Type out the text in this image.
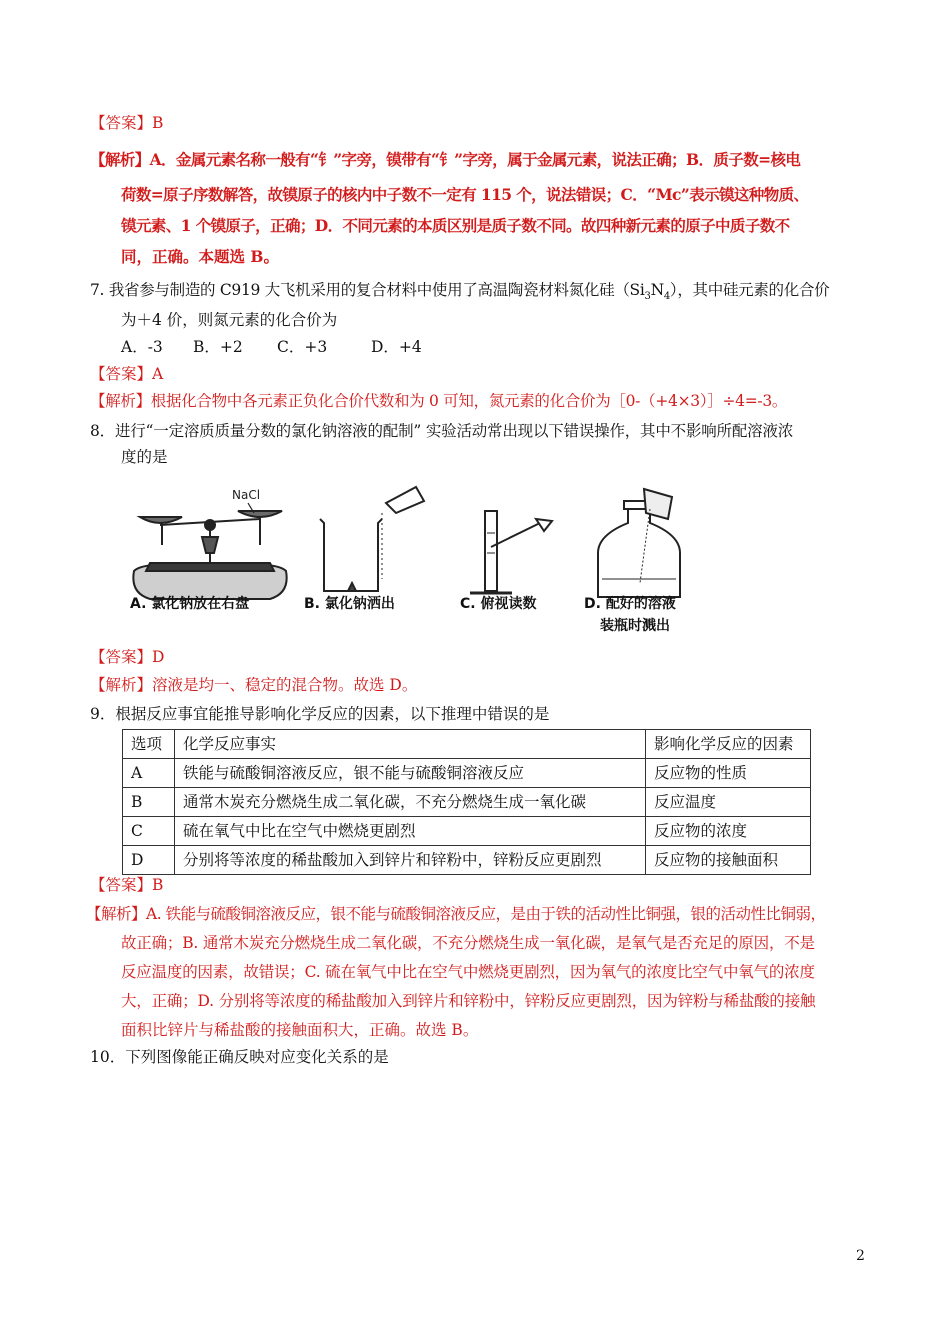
【答案】B
【解析】A．金属元素名称一般有“钅”字旁，镆带有“钅”字旁，属于金属元素，说法正确；B．质子数=核电
荷数=原子序数解答，故镆原子的核内中子数不一定有 115 个，说法错误；C．“Mc”表示镆这种物质、
镆元素、1 个镆原子，正确；D．不同元素的本质区别是质子数不同。故四种新元素的原子中质子数不
同，正确。本题选 B。
7. 我省参与制造的 C919 大飞机采用的复合材料中使用了高温陶瓷材料氮化硅$(Si_3N_4)$，其中硅元素的化合价
为＋4 价，则氮元素的化合价为
A．-3 B．+2 C．+3	D．+4
【答案】A
【解析】根据化合物中各元素正负化合价代数和为 0 可知，氮元素的化合价为［0-（+4×3）］÷4=-3。
8．进行“一定溶质质量分数的氯化钠溶液的配制” 实验活动常出现以下错误操作，其中不影响所配溶液浓
度的是
NaCl
A. 氯化钠放在右盘	B. 氯化钠洒出	C. 俯视读数	D. 配好的溶液
装瓶时溅出
【答案】D
【解析】溶液是均一、稳定的混合物。故选 D。
9．根据反应事宜能推导影响化学反应的因素，以下推理中错误的是
选项	化学反应事实	影响化学反应的因素
A	铁能与硫酸铜溶液反应，银不能与硫酸铜溶液反应	反应物的性质
B	通常木炭充分燃烧生成二氧化碳，不充分燃烧生成一氧化碳	反应温度
C	硫在氧气中比在空气中燃烧更剧烈	反应物的浓度
D	分别将等浓度的稀盐酸加入到锌片和锌粉中，锌粉反应更剧烈	反应物的接触面积
【答案】B
【解析】A. 铁能与硫酸铜溶液反应，银不能与硫酸铜溶液反应，是由于铁的活动性比铜强，银的活动性比铜弱，
故正确；B. 通常木炭充分燃烧生成二氧化碳，不充分燃烧生成一氧化碳，是氧气是否充足的原因，不是
反应温度的因素，故错误；C. 硫在氧气中比在空气中燃烧更剧烈，因为氧气的浓度比空气中氧气的浓度
大，正确；D. 分别将等浓度的稀盐酸加入到锌片和锌粉中，锌粉反应更剧烈，因为锌粉与稀盐酸的接触
面积比锌片与稀盐酸的接触面积大，正确。故选 B。
10．下列图像能正确反映对应变化关系的是
2
